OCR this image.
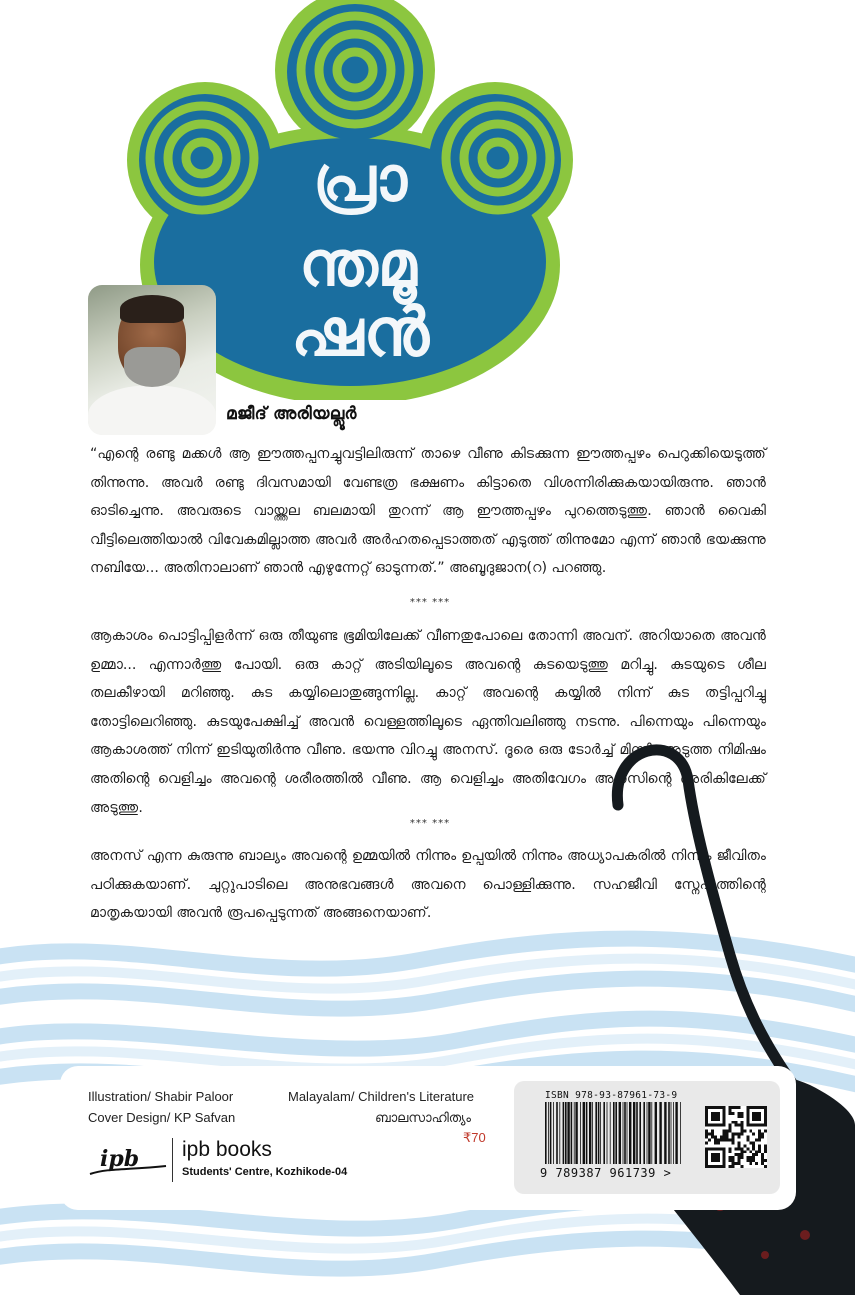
പ്രാ
ന്തമൂ
ഷൻ
മജീദ് അരിയല്ലൂർ
“എന്റെ രണ്ടു മക്കൾ ആ ഈത്തപ്പനച്ചുവട്ടിലിരുന്ന് താഴെ വീണു കിടക്കുന്ന ഈത്തപ്പഴം പെറുക്കിയെടുത്ത് തിന്നുന്നു. അവർ രണ്ടു ദിവസമായി വേണ്ടത്ര ഭക്ഷണം കിട്ടാതെ വിശന്നിരിക്കുകയായിരുന്നു. ഞാൻ ഓടിച്ചെന്നു. അവരുടെ വായ്ത്തല ബലമായി തുറന്ന് ആ ഈത്തപ്പഴം പുറത്തെടുത്തു. ഞാൻ വൈകി വീട്ടിലെത്തിയാൽ വിവേകമില്ലാത്ത അവർ അർഹതപ്പെടാത്തത് എടുത്ത് തിന്നുമോ എന്ന് ഞാൻ ഭയക്കുന്നു നബിയേ... അതിനാലാണ് ഞാൻ എഴുന്നേറ്റ് ഓടുന്നത്.” അബൂദുജാന(റ) പറഞ്ഞു.
*** ***
ആകാശം പൊട്ടിപ്പിളർന്ന് ഒരു തീയുണ്ട ഭൂമിയിലേക്ക് വീണതുപോലെ തോന്നി അവന്. അറിയാതെ അവൻ ഉമ്മാ... എന്നാർത്തു പോയി. ഒരു കാറ്റ് അടിയിലൂടെ അവന്റെ കുടയെടുത്തു മറിച്ചു. കുടയുടെ ശീല തലകീഴായി മറിഞ്ഞു. കുട കയ്യിലൊതുങ്ങുന്നില്ല. കാറ്റ് അവന്റെ കയ്യിൽ നിന്ന് കുട തട്ടിപ്പറിച്ചു തോട്ടിലെറിഞ്ഞു. കുടയുപേക്ഷിച്ച് അവൻ വെള്ളത്തിലൂടെ ഏന്തിവലിഞ്ഞു നടന്നു. പിന്നെയും പിന്നെയും ആകാശത്ത് നിന്ന് ഇടിയുതിർന്നു വീണു. ഭയന്നു വിറച്ചു അനസ്. ദൂരെ ഒരു ടോർച്ച് മിന്നി. അടുത്ത നിമിഷം അതിന്റെ വെളിച്ചം അവന്റെ ശരീരത്തിൽ വീണു. ആ വെളിച്ചം അതിവേഗം അനസിന്റെ അരികിലേക്ക് അടുത്തു.
*** ***
അനസ് എന്ന കുരുന്നു ബാല്യം അവന്റെ ഉമ്മയിൽ നിന്നും ഉപ്പയിൽ നിന്നും അധ്യാപകരിൽ നിന്നും ജീവിതം പഠിക്കുകയാണ്. ചുറ്റുപാടിലെ അനുഭവങ്ങൾ അവനെ പൊള്ളിക്കുന്നു. സഹജീവി സ്നേഹത്തിന്റെ മാതൃകയായി അവൻ രൂപപ്പെടുന്നത് അങ്ങനെയാണ്.
Illustration/ Shabir Paloor
Cover Design/ KP Safvan
Malayalam/ Children's Literature
ബാലസാഹിത്യം
₹70
ipb ipb books
Students' Centre, Kozhikode-04
ISBN 978-93-87961-73-9
9 789387 961739 >
